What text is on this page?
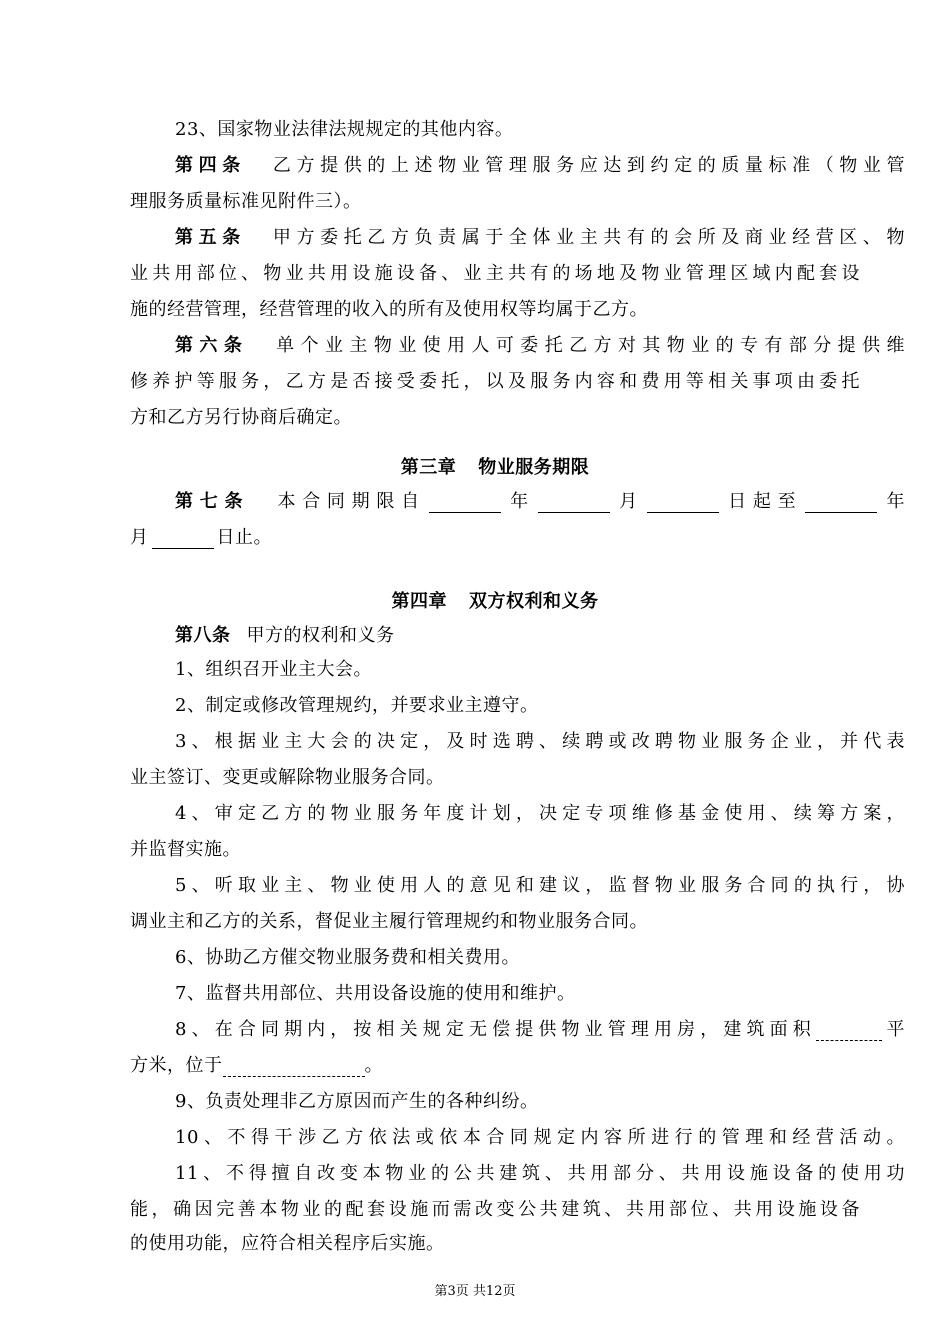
23、国家物业法律法规规定的其他内容。
第四条 乙方提供的上述物业管理服务应达到约定的质量标准（物业管
理服务质量标准见附件三）。
第五条 甲方委托乙方负责属于全体业主共有的会所及商业经营区、物
业共用部位、物业共用设施设备、业主共有的场地及物业管理区域内配套设
施的经营管理，经营管理的收入的所有及使用权等均属于乙方。
第六条 单个业主物业使用人可委托乙方对其物业的专有部分提供维
修养护等服务，乙方是否接受委托，以及服务内容和费用等相关事项由委托
方和乙方另行协商后确定。
第三章 物业服务期限
第七条 本合同期限自	年	月	日起至	年
月	日止。
第四章 双方权利和义务
第八条 甲方的权利和义务
1、组织召开业主大会。
2、制定或修改管理规约，并要求业主遵守。
3、根据业主大会的决定，及时选聘、续聘或改聘物业服务企业，并代表
业主签订、变更或解除物业服务合同。
4、审定乙方的物业服务年度计划，决定专项维修基金使用、续筹方案，
并监督实施。
5、听取业主、物业使用人的意见和建议，监督物业服务合同的执行，协
调业主和乙方的关系，督促业主履行管理规约和物业服务合同。
6、协助乙方催交物业服务费和相关费用。
7、监督共用部位、共用设备设施的使用和维护。
8、在合同期内，按相关规定无偿提供物业管理用房，建筑面积	平
方米，位于	。
9、负责处理非乙方原因而产生的各种纠纷。
10、不得干涉乙方依法或依本合同规定内容所进行的管理和经营活动。
11、不得擅自改变本物业的公共建筑、共用部分、共用设施设备的使用功
能，确因完善本物业的配套设施而需改变公共建筑、共用部位、共用设施设备
的使用功能，应符合相关程序后实施。
第3页 共12页
